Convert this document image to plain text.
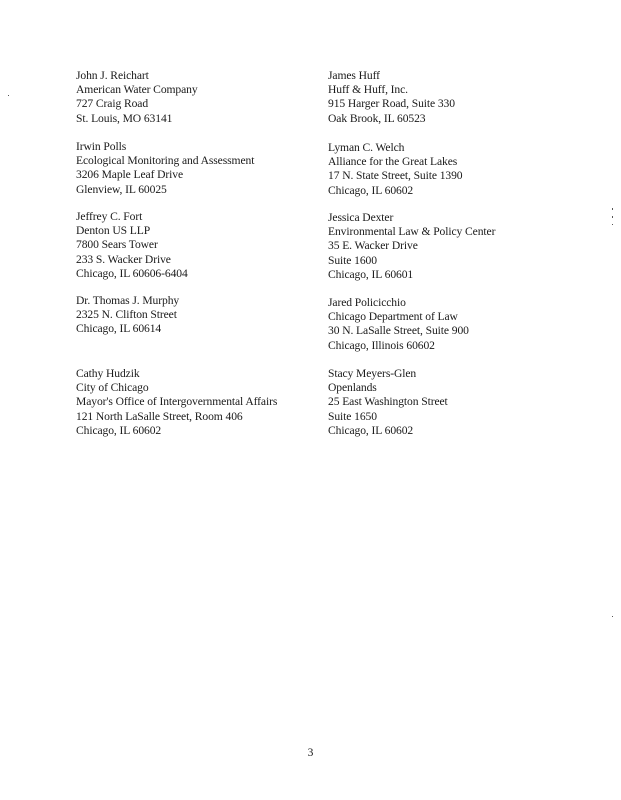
John J. Reichart
American Water Company
727 Craig Road
St. Louis, MO 63141
James Huff
Huff & Huff, Inc.
915 Harger Road, Suite 330
Oak Brook, IL 60523
Irwin Polls
Ecological Monitoring and Assessment
3206 Maple Leaf Drive
Glenview, IL 60025
Lyman C. Welch
Alliance for the Great Lakes
17 N. State Street, Suite 1390
Chicago, IL 60602
Jeffrey C. Fort
Denton US LLP
7800 Sears Tower
233 S. Wacker Drive
Chicago, IL 60606-6404
Jessica Dexter
Environmental Law & Policy Center
35 E. Wacker Drive
Suite 1600
Chicago, IL 60601
Dr. Thomas J. Murphy
2325 N. Clifton Street
Chicago, IL 60614
Jared Policicchio
Chicago Department of Law
30 N. LaSalle Street, Suite 900
Chicago, Illinois 60602
Cathy Hudzik
City of Chicago
Mayor's Office of Intergovernmental Affairs
121 North LaSalle Street, Room 406
Chicago, IL 60602
Stacy Meyers-Glen
Openlands
25 East Washington Street
Suite 1650
Chicago, IL 60602
3
